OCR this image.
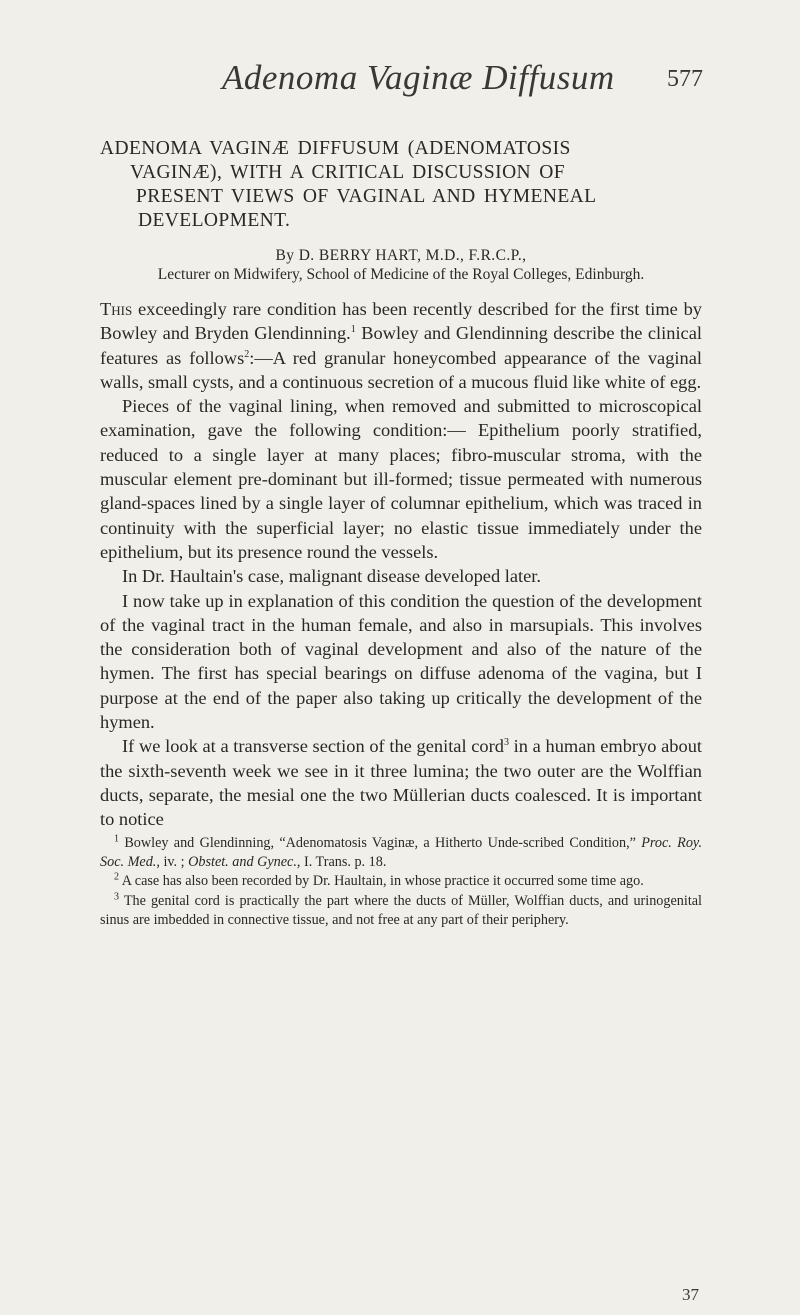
Adenoma Vaginæ Diffusum 577
ADENOMA VAGINÆ DIFFUSUM (ADENOMATOSIS
VAGINÆ), WITH A CRITICAL DISCUSSION OF
PRESENT VIEWS OF VAGINAL AND HYMENEAL
DEVELOPMENT.
By D. BERRY HART, M.D., F.R.C.P.,
Lecturer on Midwifery, School of Medicine of the Royal Colleges, Edinburgh.

This exceedingly rare condition has been recently described for the first time by Bowley and Bryden Glendinning.$^1$ Bowley and Glendinning describe the clinical features as follows$^2$:—A red granular honeycombed appearance of the vaginal walls, small cysts, and a continuous secretion of a mucous fluid like white of egg.

Pieces of the vaginal lining, when removed and submitted to microscopical examination, gave the following condition:— Epithelium poorly stratified, reduced to a single layer at many places; fibro-muscular stroma, with the muscular element pre-dominant but ill-formed; tissue permeated with numerous gland-spaces lined by a single layer of columnar epithelium, which was traced in continuity with the superficial layer; no elastic tissue immediately under the epithelium, but its presence round the vessels.

In Dr. Haultain's case, malignant disease developed later.

I now take up in explanation of this condition the question of the development of the vaginal tract in the human female, and also in marsupials. This involves the consideration both of vaginal development and also of the nature of the hymen. The first has special bearings on diffuse adenoma of the vagina, but I purpose at the end of the paper also taking up critically the development of the hymen.

If we look at a transverse section of the genital cord$^3$ in a human embryo about the sixth-seventh week we see in it three lumina; the two outer are the Wolffian ducts, separate, the mesial one the two Müllerian ducts coalesced. It is important to notice

$^1$ Bowley and Glendinning, “Adenomatosis Vaginæ, a Hitherto Unde-scribed Condition,” Proc. Roy. Soc. Med., iv. ; Obstet. and Gynec., I. Trans. p. 18.

$^2$ A case has also been recorded by Dr. Haultain, in whose practice it occurred some time ago.

$^3$ The genital cord is practically the part where the ducts of Müller, Wolffian ducts, and urinogenital sinus are imbedded in connective tissue, and not free at any part of their periphery.

37
